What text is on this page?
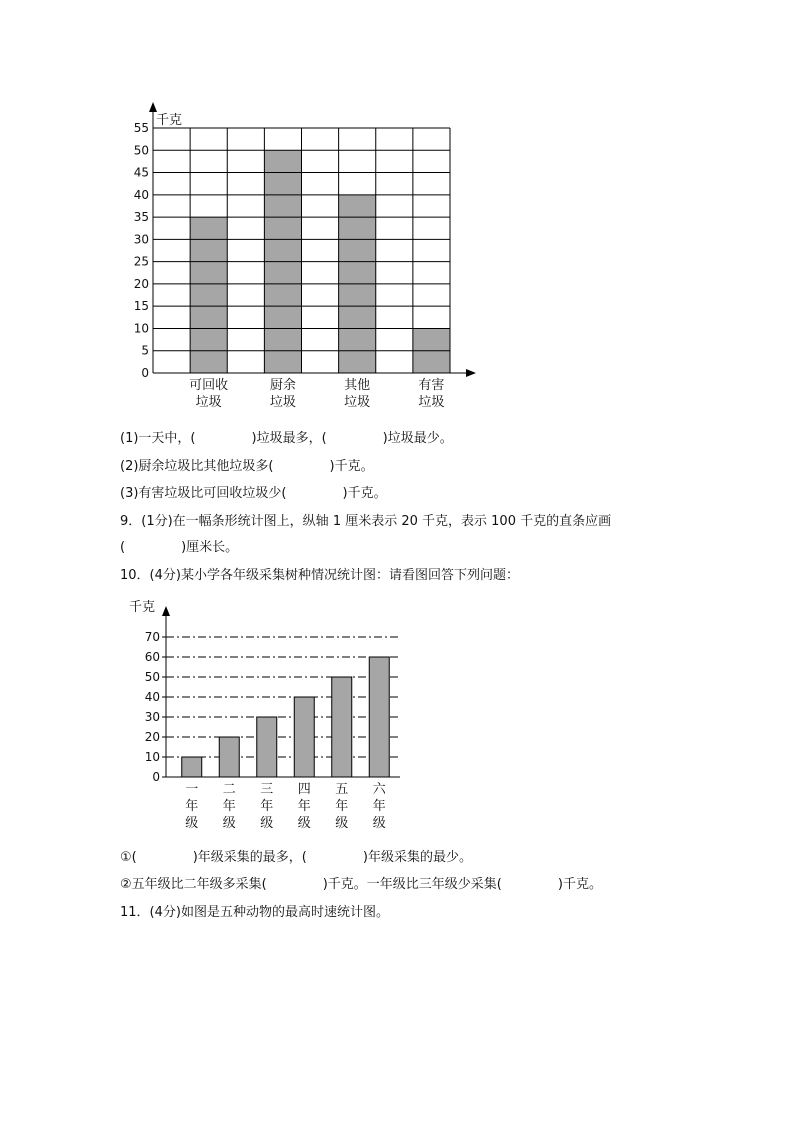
千克
0
5
10
15
20
25
30
35
40
45
50
55
可回收
垃圾
厨余
垃圾
其他
垃圾
有害
垃圾
(1)一天中，(	)垃圾最多，(	)垃圾最少。
(2)厨余垃圾比其他垃圾多(	)千克。
(3)有害垃圾比可回收垃圾少(	)千克。
9．(1分)在一幅条形统计图上，纵轴 1 厘米表示 20 千克，表示 100 千克的直条应画
(	)厘米长。
10．(4分)某小学各年级采集树种情况统计图：请看图回答下列问题：
千克
0
10
20
30
40
50
60
70
一
年
级
二
年
级
三
年
级
四
年
级
五
年
级
六
年
级
①(	)年级采集的最多，(	)年级采集的最少。
②五年级比二年级多采集(	)千克。一年级比三年级少采集(	)千克。
11．(4分)如图是五种动物的最高时速统计图。
